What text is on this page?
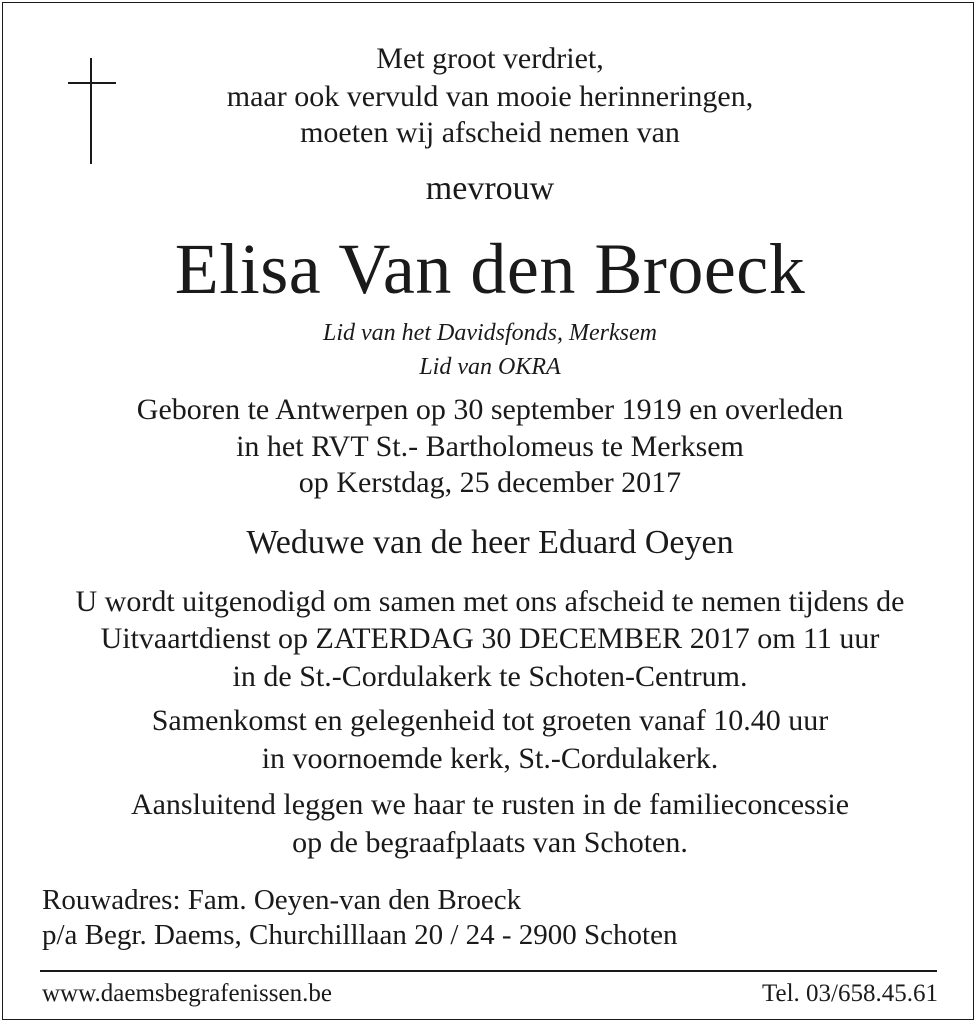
Met groot verdriet,
maar ook vervuld van mooie herinneringen,
moeten wij afscheid nemen van
mevrouw
Elisa Van den Broeck
Lid van het Davidsfonds, Merksem
Lid van OKRA
Geboren te Antwerpen op 30 september 1919 en overleden
in het RVT St.- Bartholomeus te Merksem
op Kerstdag, 25 december 2017
Weduwe van de heer Eduard Oeyen
U wordt uitgenodigd om samen met ons afscheid te nemen tijdens de
Uitvaartdienst op ZATERDAG 30 DECEMBER 2017 om 11 uur
in de St.-Cordulakerk te Schoten-Centrum.
Samenkomst en gelegenheid tot groeten vanaf 10.40 uur
in voornoemde kerk, St.-Cordulakerk.
Aansluitend leggen we haar te rusten in de familieconcessie
op de begraafplaats van Schoten.
Rouwadres: Fam. Oeyen-van den Broeck
p/a Begr. Daems, Churchilllaan 20 / 24 - 2900 Schoten
www.daemsbegrafenissen.be	Tel. 03/658.45.61
